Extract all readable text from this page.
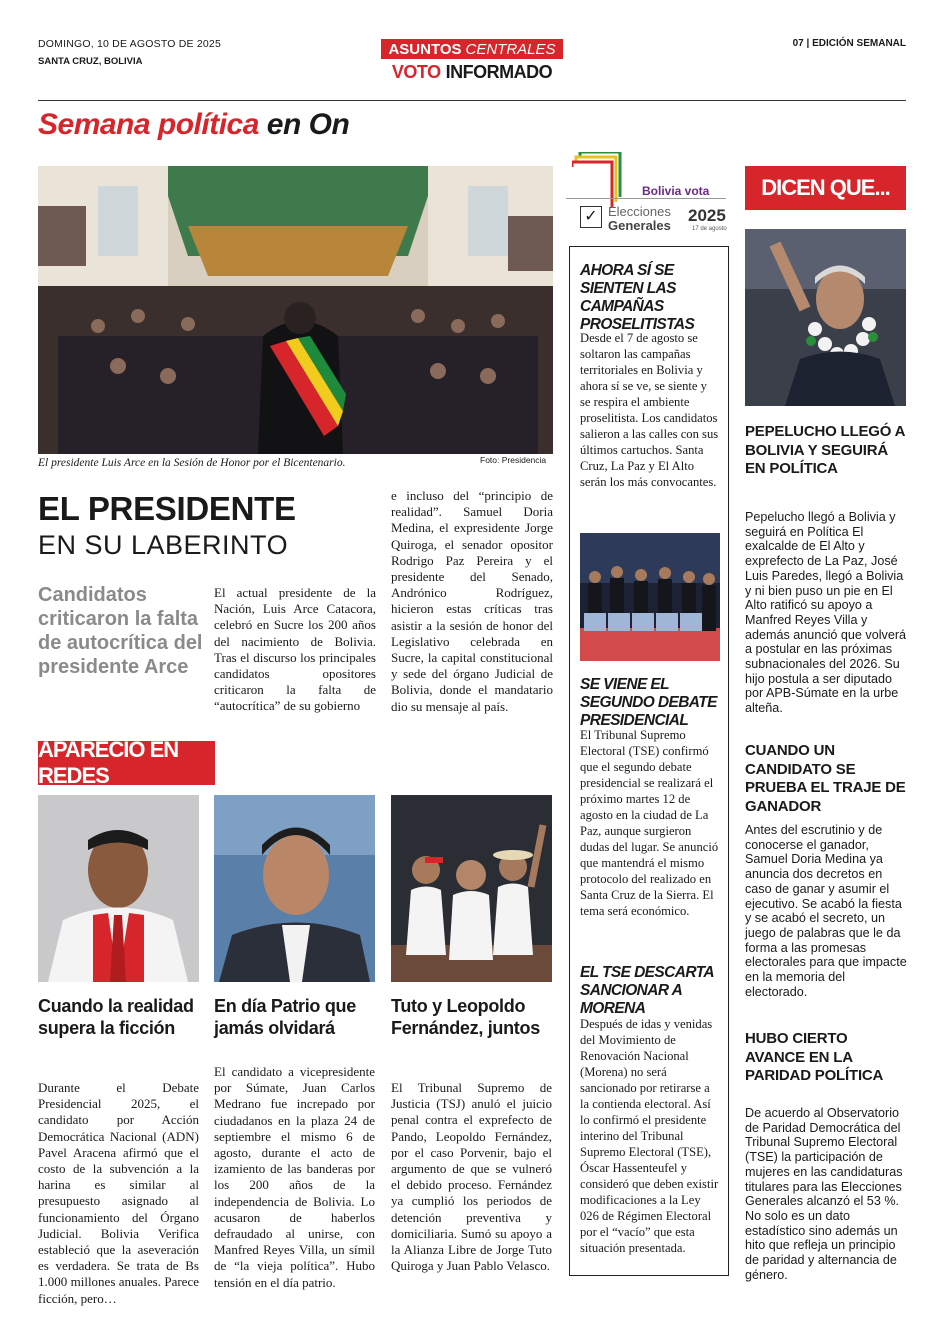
DOMINGO, 10 DE AGOSTO DE 2025
SANTA CRUZ, BOLIVIA
07 | EDICIÓN SEMANAL
ASUNTOS CENTRALES
VOTO INFORMADO
Semana política en On
El presidente Luis Arce en la Sesión de Honor por el Bicentenario.	Foto: Presidencia
EL PRESIDENTE
EN SU LABERINTO
Candidatos criticaron la falta de autocrítica del presidente Arce
El actual presidente de la Nación, Luis Arce Catacora, celebró en Sucre los 200 años del nacimiento de Bolivia. Tras el discurso los principales candidatos opositores criticaron la falta de “autocrítica” de su gobierno
e incluso del “principio de realidad”. Samuel Doria Medina, el expresidente Jorge Quiroga, el senador opositor Rodrigo Paz Pereira y el presidente del Senado, Andrónico Rodríguez, hicieron estas críticas tras asistir a la sesión de honor del Legislativo celebrada en Sucre, la capital constitucional y sede del órgano Judicial de Bolivia, donde el mandatario dio su mensaje al país.
APARECIÓ EN REDES
Cuando la realidad supera la ficción
En día Patrio que jamás olvidará
Tuto y Leopoldo Fernández, juntos
Durante el Debate Presidencial 2025, el candidato por Acción Democrática Nacional (ADN) Pavel Aracena afirmó que el costo de la subvención a la harina es similar al presupuesto asignado al funcionamiento del Órgano Judicial. Bolivia Verifica estableció que la aseveración es verdadera. Se trata de Bs 1.000 millones anuales. Parece ficción, pero…
El candidato a vicepresidente por Súmate, Juan Carlos Medrano fue increpado por ciudadanos en la plaza 24 de septiembre el mismo 6 de agosto, durante el acto de izamiento de las banderas por los 200 años de la independencia de Bolivia. Lo acusaron de haberlos defraudado al unirse, con Manfred Reyes Villa, un símil de “la vieja política”. Hubo tensión en el día patrio.
El Tribunal Supremo de Justicia (TSJ) anuló el juicio penal contra el exprefecto de Pando, Leopoldo Fernández, por el caso Porvenir, bajo el argumento de que se vulneró el debido proceso. Fernández ya cumplió los periodos de detención preventiva y domiciliaria. Sumó su apoyo a la Alianza Libre de Jorge Tuto Quiroga y Juan Pablo Velasco.
Bolivia vota
✓ Elecciones
Generales
2025
17 de agosto
AHORA SÍ SE SIENTEN LAS CAMPAÑAS PROSELITISTAS
Desde el 7 de agosto se soltaron las campañas territoriales en Bolivia y ahora sí se ve, se siente y se respira el ambiente proselitista. Los candidatos salieron a las calles con sus últimos cartuchos. Santa Cruz, La Paz y El Alto serán los más convocantes.
SE VIENE EL SEGUNDO DEBATE PRESIDENCIAL
El Tribunal Supremo Electoral (TSE) confirmó que el segundo debate presidencial se realizará el próximo martes 12 de agosto en la ciudad de La Paz, aunque surgieron dudas del lugar. Se anunció que mantendrá el mismo protocolo del realizado en Santa Cruz de la Sierra. El tema será económico.
EL TSE DESCARTA SANCIONAR A MORENA
Después de idas y venidas del Movimiento de Renovación Nacional (Morena) no será sancionado por retirarse a la contienda electoral. Así lo confirmó el presidente interino del Tribunal Supremo Electoral (TSE), Óscar Hassenteufel y consideró que deben existir modificaciones a la Ley 026 de Régimen Electoral por el “vacío” que esta situación presentada.
DICEN QUE...
PEPELUCHO LLEGÓ A BOLIVIA Y SEGUIRÁ EN POLÍTICA
Pepelucho llegó a Bolivia y seguirá en Política El exalcalde de El Alto y exprefecto de La Paz, José Luis Paredes, llegó a Bolivia y ni bien puso un pie en El Alto ratificó su apoyo a Manfred Reyes Villa y además anunció que volverá a postular en las próximas subnacionales del 2026. Su hijo postula a ser diputado por APB-Súmate en la urbe alteña.
CUANDO UN CANDIDATO SE PRUEBA EL TRAJE DE GANADOR
Antes del escrutinio y de conocerse el ganador, Samuel Doria Medina ya anuncia dos decretos en caso de ganar y asumir el ejecutivo. Se acabó la fiesta y se acabó el secreto, un juego de palabras que le da forma a las promesas electorales para que impacte en la memoria del electorado.
HUBO CIERTO AVANCE EN LA PARIDAD POLÍTICA
De acuerdo al Observatorio de Paridad Democrática del Tribunal Supremo Electoral (TSE) la participación de mujeres en las candidaturas titulares para las Elecciones Generales alcanzó el 53 %. No solo es un dato estadístico sino además un hito que refleja un principio de paridad y alternancia de género.
